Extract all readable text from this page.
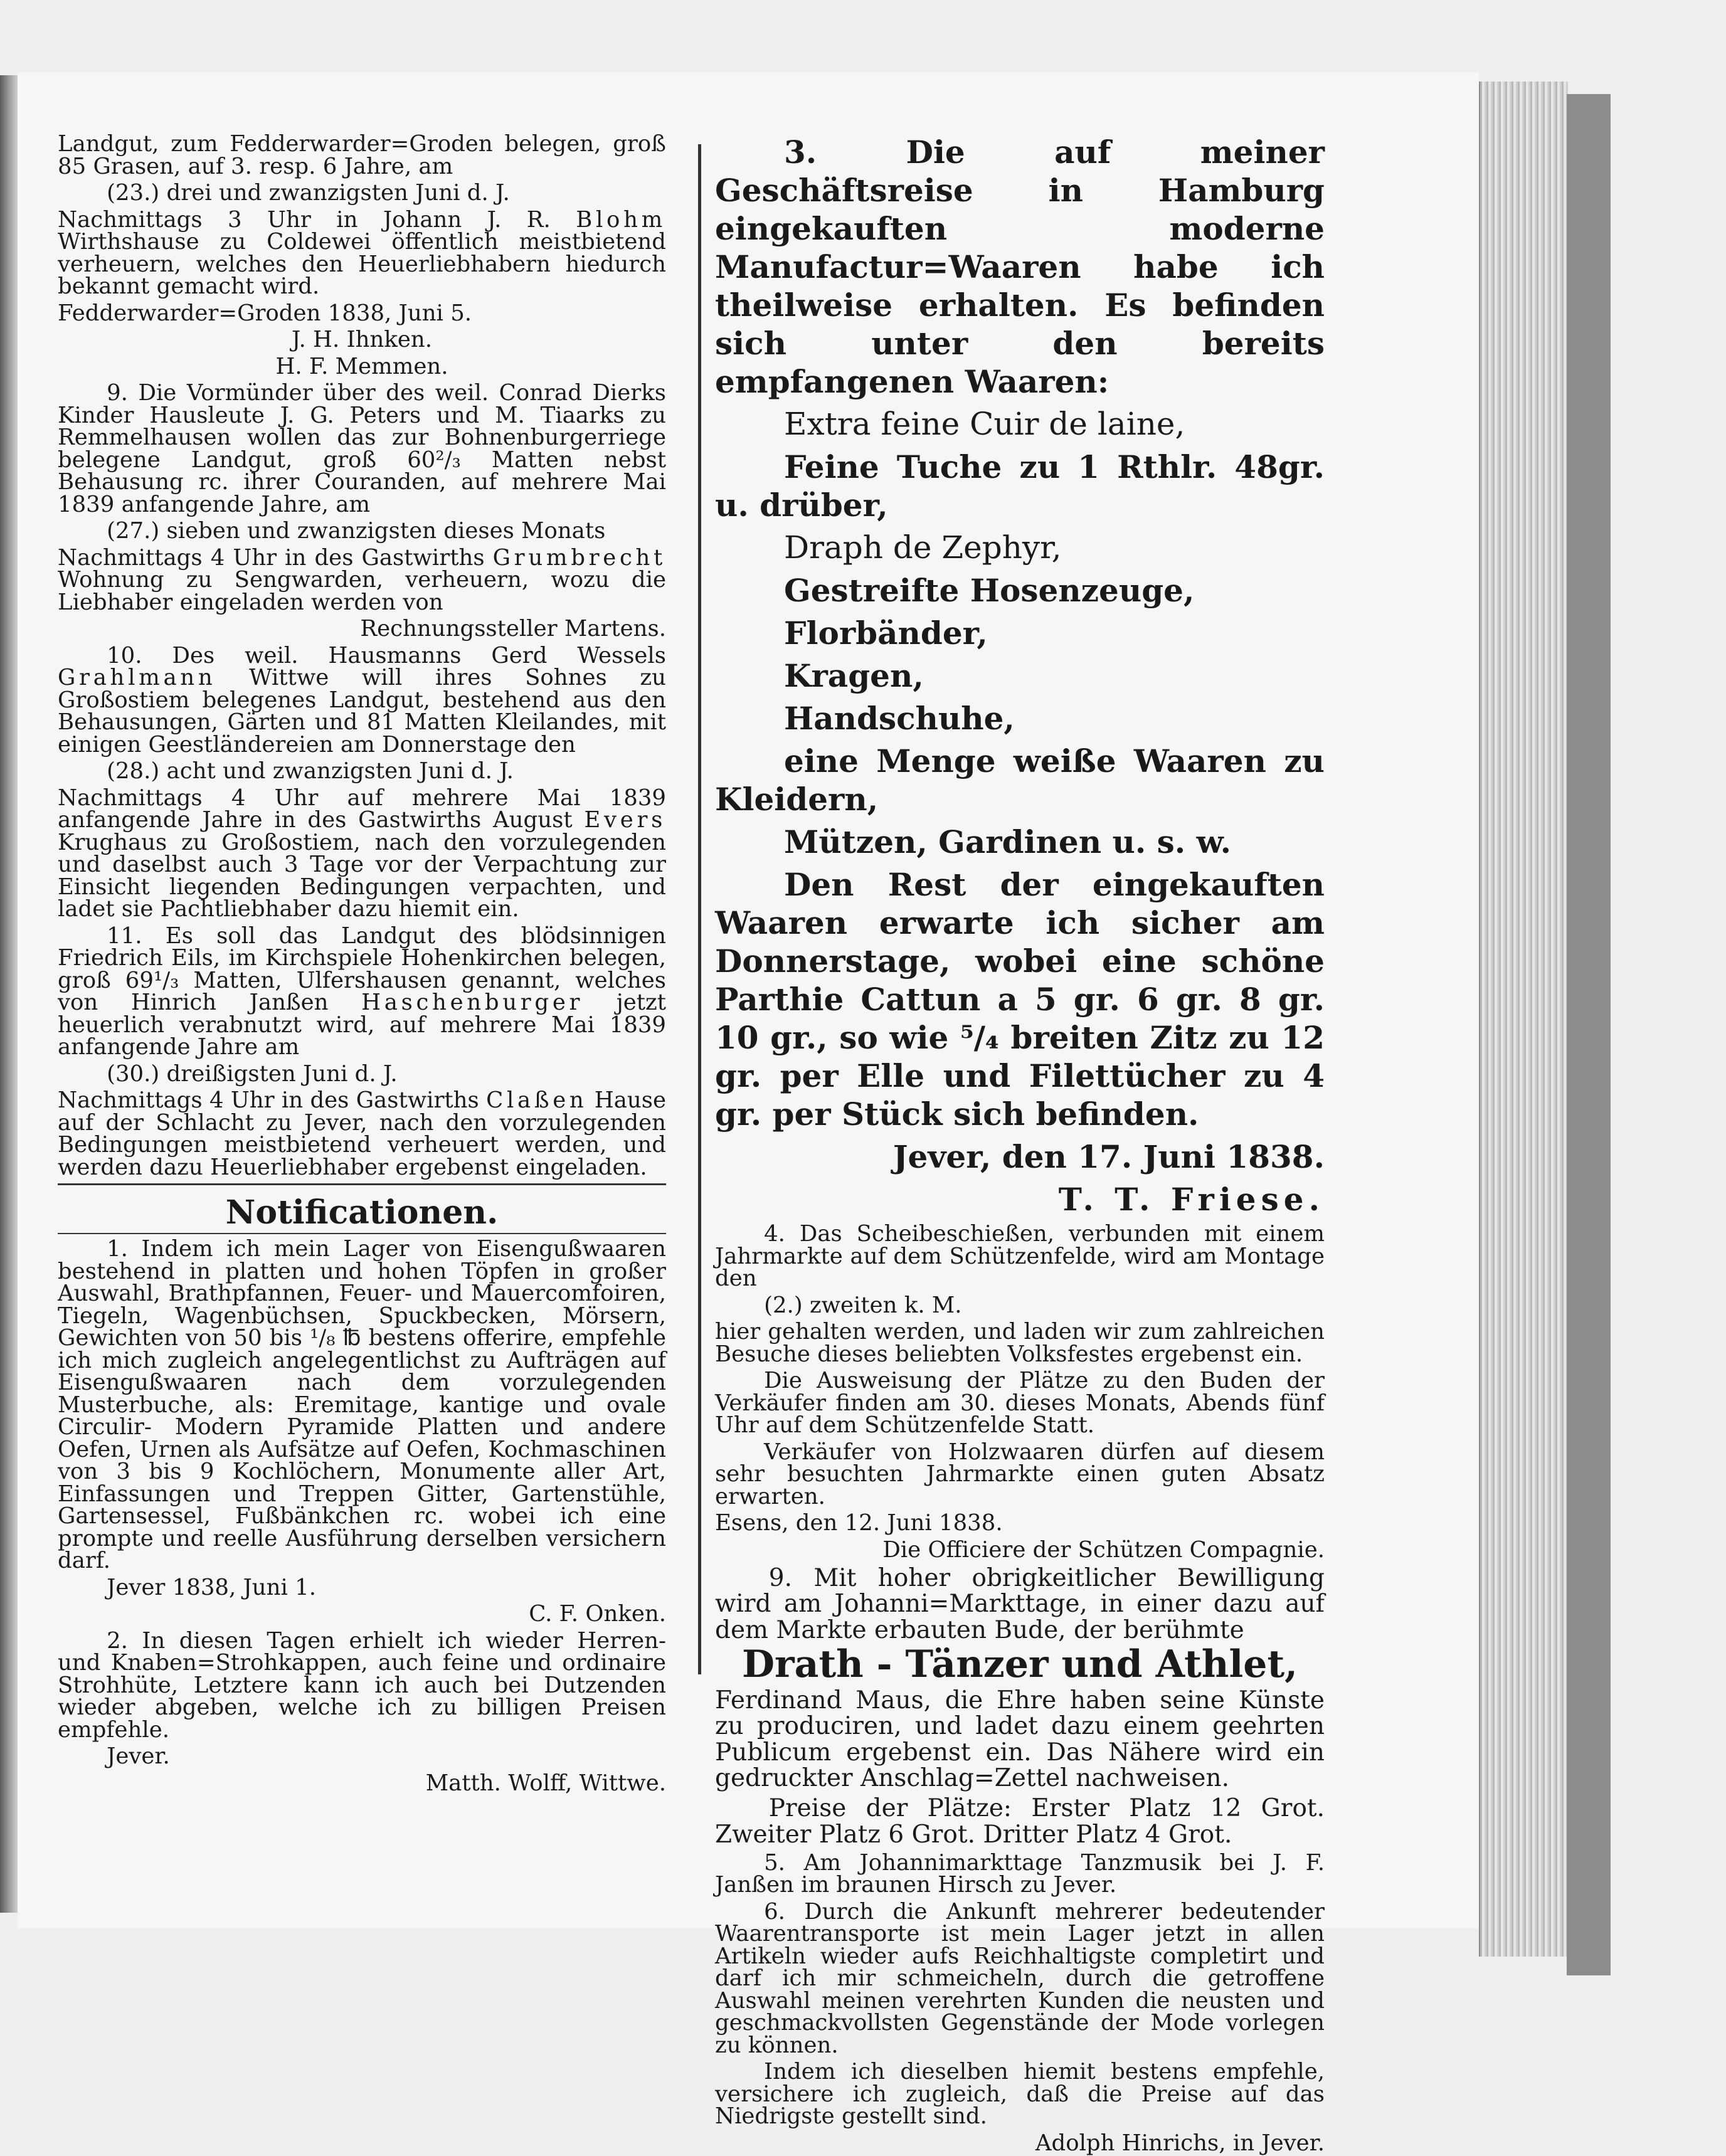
Landgut, zum Fedderwarder=Groden belegen, groß 85 Grasen, auf 3. resp. 6 Jahre, am

(23.) drei und zwanzigsten Juni d. J.

Nachmittags 3 Uhr in Johann J. R. Blohm Wirthshause zu Coldewei öffentlich meistbietend verheuern, welches den Heuerliebhabern hiedurch bekannt gemacht wird.

Fedderwarder=Groden 1838, Juni 5.

J. H. Ihnken.

H. F. Memmen.

9. Die Vormünder über des weil. Conrad Dierks Kinder Hausleute J. G. Peters und M. Tiaarks zu Remmelhausen wollen das zur Bohnenburgerriege belegene Landgut, groß 60²/₃ Matten nebst Behausung rc. ihrer Couranden, auf mehrere Mai 1839 anfangende Jahre, am

(27.) sieben und zwanzigsten dieses Monats

Nachmittags 4 Uhr in des Gastwirths Grumbrecht Wohnung zu Sengwarden, verheuern, wozu die Liebhaber eingeladen werden von

Rechnungssteller Martens.

10. Des weil. Hausmanns Gerd Wessels Grahlmann Wittwe will ihres Sohnes zu Großostiem belegenes Landgut, bestehend aus den Behausungen, Gärten und 81 Matten Kleilandes, mit einigen Geestländereien am Donnerstage den

(28.) acht und zwanzigsten Juni d. J.

Nachmittags 4 Uhr auf mehrere Mai 1839 anfangende Jahre in des Gastwirths August Evers Krughaus zu Großostiem, nach den vorzulegenden und daselbst auch 3 Tage vor der Verpachtung zur Einsicht liegenden Bedingungen verpachten, und ladet sie Pachtliebhaber dazu hiemit ein.

11. Es soll das Landgut des blödsinnigen Friedrich Eils, im Kirchspiele Hohenkirchen belegen, groß 69¹/₃ Matten, Ulfershausen genannt, welches von Hinrich Janßen Haschenburger jetzt heuerlich verabnutzt wird, auf mehrere Mai 1839 anfangende Jahre am

(30.) dreißigsten Juni d. J.

Nachmittags 4 Uhr in des Gastwirths Claßen Hause auf der Schlacht zu Jever, nach den vorzulegenden Bedingungen meistbietend verheuert werden, und werden dazu Heuerliebhaber ergebenst eingeladen.

Notificationen.

1. Indem ich mein Lager von Eisengußwaaren bestehend in platten und hohen Töpfen in großer Auswahl, Brathpfannen, Feuer- und Mauercomfoiren, Tiegeln, Wagenbüchsen, Spuckbecken, Mörsern, Gewichten von 50 bis ¹/₈ ℔ bestens offerire, empfehle ich mich zugleich angelegentlichst zu Aufträgen auf Eisengußwaaren nach dem vorzulegenden Musterbuche, als: Eremitage, kantige und ovale Circulir- Modern Pyramide Platten und andere Oefen, Urnen als Aufsätze auf Oefen, Kochmaschinen von 3 bis 9 Kochlöchern, Monumente aller Art, Einfassungen und Treppen Gitter, Gartenstühle, Gartensessel, Fußbänkchen rc. wobei ich eine prompte und reelle Ausführung derselben versichern darf.

Jever 1838, Juni 1.

C. F. Onken.

2. In diesen Tagen erhielt ich wieder Herren- und Knaben=Strohkappen, auch feine und ordinaire Strohhüte, Letztere kann ich auch bei Dutzenden wieder abgeben, welche ich zu billigen Preisen empfehle.

Jever.

Matth. Wolff, Wittwe.

3. Die auf meiner Geschäftsreise in Hamburg eingekauften moderne Manufactur=Waaren habe ich theilweise erhalten. Es befinden sich unter den bereits empfangenen Waaren:

Extra feine Cuir de laine,

Feine Tuche zu 1 Rthlr. 48gr. u. drüber,

Draph de Zephyr,

Gestreifte Hosenzeuge,

Florbänder,

Kragen,

Handschuhe,

eine Menge weiße Waaren zu Kleidern,

Mützen, Gardinen u. s. w.

Den Rest der eingekauften Waaren erwarte ich sicher am Donnerstage, wobei eine schöne Parthie Cattun a 5 gr. 6 gr. 8 gr. 10 gr., so wie ⁵/₄ breiten Zitz zu 12 gr. per Elle und Filettücher zu 4 gr. per Stück sich befinden.

Jever, den 17. Juni 1838.

T. T. Friese.

4. Das Scheibeschießen, verbunden mit einem Jahrmarkte auf dem Schützenfelde, wird am Montage den

(2.) zweiten k. M.

hier gehalten werden, und laden wir zum zahlreichen Besuche dieses beliebten Volksfestes ergebenst ein.

Die Ausweisung der Plätze zu den Buden der Verkäufer finden am 30. dieses Monats, Abends fünf Uhr auf dem Schützenfelde Statt.

Verkäufer von Holzwaaren dürfen auf diesem sehr besuchten Jahrmarkte einen guten Absatz erwarten.

Esens, den 12. Juni 1838.

Die Officiere der Schützen Compagnie.

9. Mit hoher obrigkeitlicher Bewilligung wird am Johanni=Markttage, in einer dazu auf dem Markte erbauten Bude, der berühmte

Drath - Tänzer und Athlet,

Ferdinand Maus, die Ehre haben seine Künste zu produciren, und ladet dazu einem geehrten Publicum ergebenst ein. Das Nähere wird ein gedruckter Anschlag=Zettel nachweisen.

Preise der Plätze: Erster Platz 12 Grot. Zweiter Platz 6 Grot. Dritter Platz 4 Grot.

5. Am Johannimarkttage Tanzmusik bei J. F. Janßen im braunen Hirsch zu Jever.

6. Durch die Ankunft mehrerer bedeutender Waarentransporte ist mein Lager jetzt in allen Artikeln wieder aufs Reichhaltigste completirt und darf ich mir schmeicheln, durch die getroffene Auswahl meinen verehrten Kunden die neusten und geschmackvollsten Gegenstände der Mode vorlegen zu können.

Indem ich dieselben hiemit bestens empfehle, versichere ich zugleich, daß die Preise auf das Niedrigste gestellt sind.

Adolph Hinrichs, in Jever.
